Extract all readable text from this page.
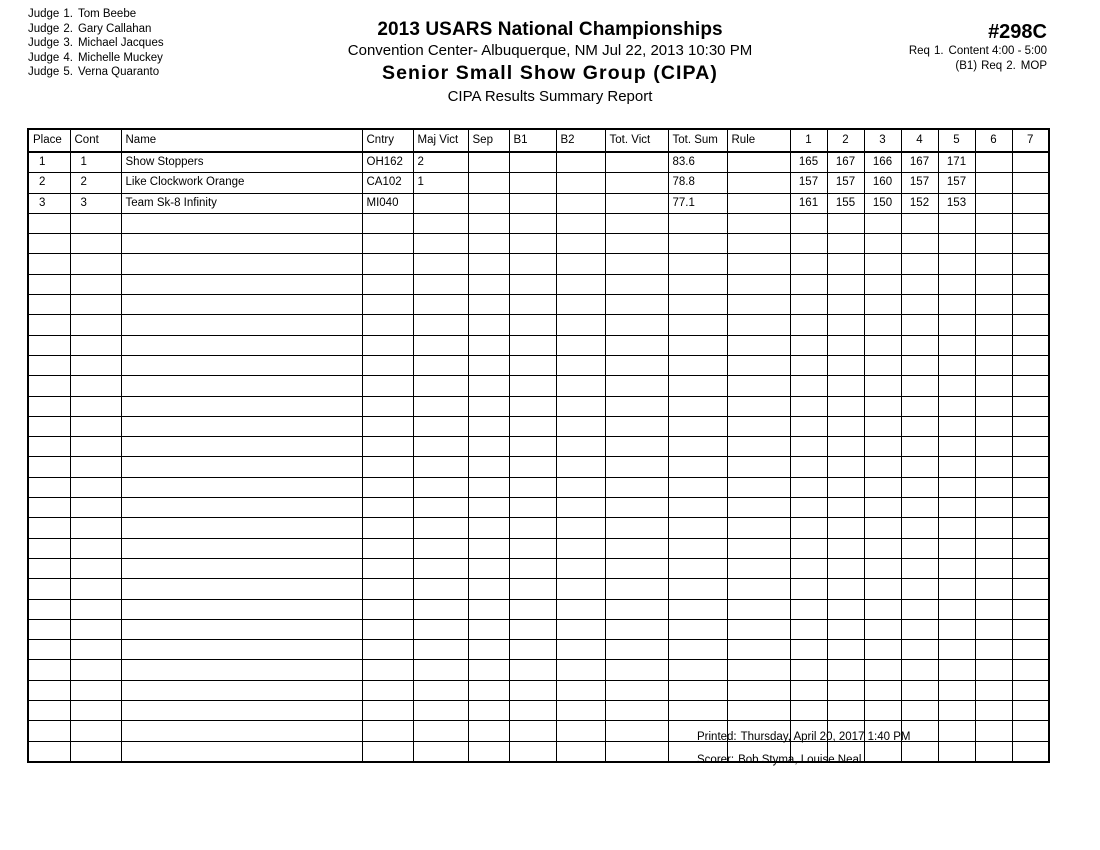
Judge 1. Tom Beebe
Judge 2. Gary Callahan
Judge 3. Michael Jacques
Judge 4. Michelle Muckey
Judge 5. Verna Quaranto
2013 USARS National Championships
Convention Center- Albuquerque, NM Jul 22, 2013 10:30 PM
Senior Small Show Group (CIPA)
CIPA Results Summary Report
#298C
Req 1. Content 4:00 - 5:00
(B1) Req 2. MOP
Place	Cont	Name	Cntry	Maj Vict	Sep	B1	B2	Tot. Vict	Tot. Sum	Rule	1	2	3	4	5	6	7
1	1	Show Stoppers	OH162	2					83.6		165	167	166	167	171		
2	2	Like Clockwork Orange	CA102	1					78.8		157	157	160	157	157		
3	3	Team Sk-8 Infinity	MI040						77.1		161	155	150	152	153		

Printed: Thursday, April 20, 2017 1:40 PM
Scorer: Bob Styma, Louise Neal
